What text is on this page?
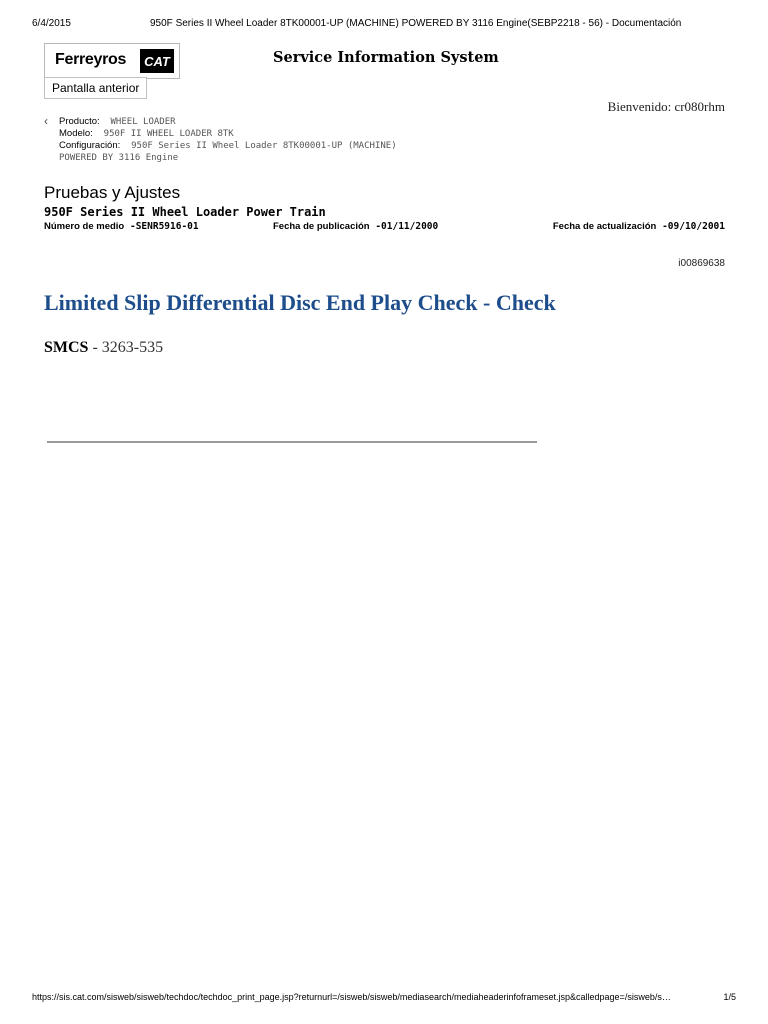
6/4/2015	950F Series II Wheel Loader 8TK00001-UP (MACHINE) POWERED BY 3116 Engine(SEBP2218 - 56) - Documentación
Ferreyros	CAT
Pantalla anterior
Service Information System
Bienvenido: cr080rhm
‹ Producto: WHEEL LOADER
Modelo: 950F II WHEEL LOADER 8TK
Configuración: 950F Series II Wheel Loader 8TK00001-UP (MACHINE)
POWERED BY 3116 Engine
Pruebas y Ajustes
950F Series II Wheel Loader Power Train
Número de medio -SENR5916-01	Fecha de publicación -01/11/2000	Fecha de actualización -09/10/2001
i00869638
Limited Slip Differential Disc End Play Check - Check
SMCS - 3263-535
https://sis.cat.com/sisweb/sisweb/techdoc/techdoc_print_page.jsp?returnurl=/sisweb/sisweb/mediasearch/mediaheaderinfoframeset.jsp&calledpage=/sisweb/s…	1/5
